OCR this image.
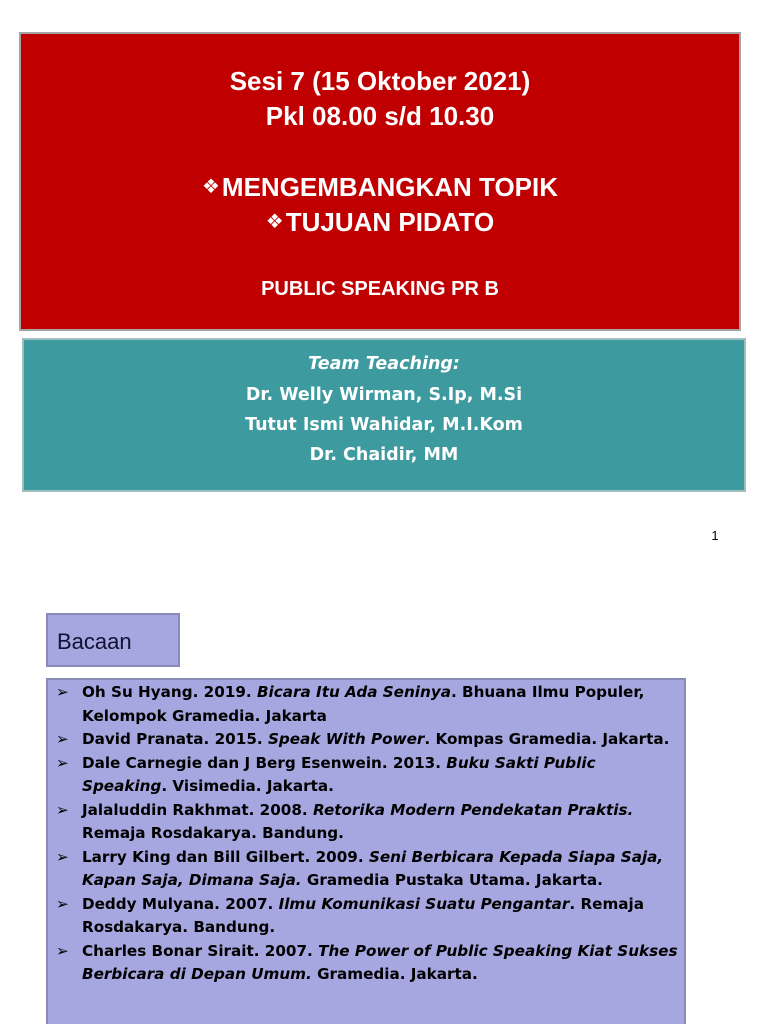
Sesi 7 (15 Oktober 2021)
Pkl 08.00 s/d 10.30
❖MENGEMBANGKAN TOPIK
❖TUJUAN PIDATO
PUBLIC SPEAKING PR B
Team Teaching:
Dr. Welly Wirman, S.Ip, M.Si
Tutut Ismi Wahidar, M.I.Kom
Dr. Chaidir, MM
1
Bacaan
➢ Oh Su Hyang. 2019. Bicara Itu Ada Seninya. Bhuana Ilmu Populer, Kelompok Gramedia. Jakarta
➢ David Pranata. 2015. Speak With Power. Kompas Gramedia. Jakarta.
➢ Dale Carnegie dan J Berg Esenwein. 2013. Buku Sakti Public Speaking. Visimedia. Jakarta.
➢ Jalaluddin Rakhmat. 2008. Retorika Modern Pendekatan Praktis. Remaja Rosdakarya. Bandung.
➢ Larry King dan Bill Gilbert. 2009. Seni Berbicara Kepada Siapa Saja, Kapan Saja, Dimana Saja. Gramedia Pustaka Utama. Jakarta.
➢ Deddy Mulyana. 2007. Ilmu Komunikasi Suatu Pengantar. Remaja Rosdakarya. Bandung.
➢ Charles Bonar Sirait. 2007. The Power of Public Speaking Kiat Sukses Berbicara di Depan Umum. Gramedia. Jakarta.
